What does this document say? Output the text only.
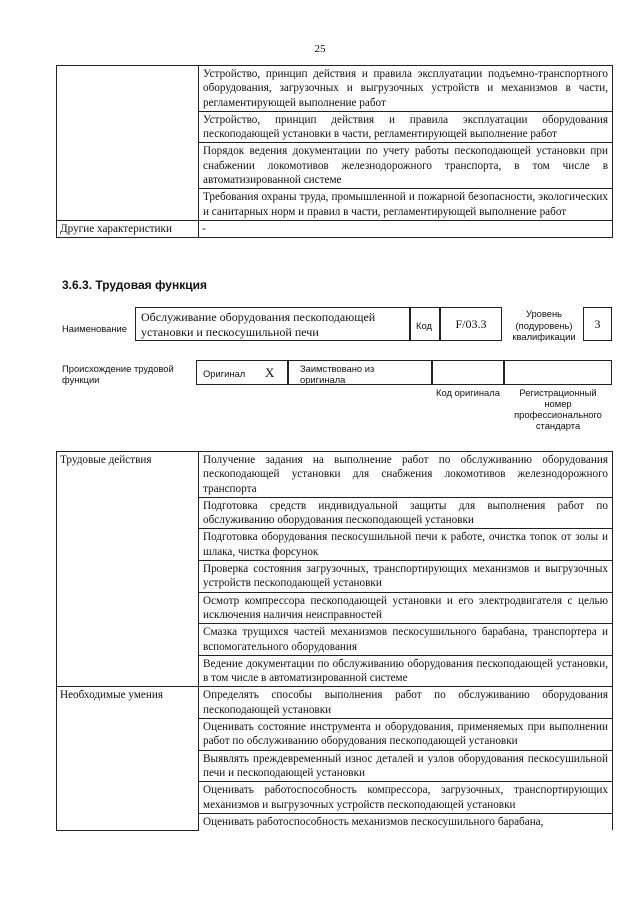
25
	Устройство, принцип действия и правила эксплуатации подъемно-транспортного оборудования, загрузочных и выгрузочных устройств и механизмов в части, регламентирующей выполнение работ
	Устройство, принцип действия и правила эксплуатации оборудования пескоподающей установки в части, регламентирующей выполнение работ
	Порядок ведения документации по учету работы пескоподающей установки при снабжении локомотивов железнодорожного транспорта, в том числе в автоматизированной системе
	Требования охраны труда, промышленной и пожарной безопасности, экологических и санитарных норм и правил в части, регламентирующей выполнение работ
Другие характеристики	-
3.6.3. Трудовая функция
Наименование
Обслуживание оборудования пескоподающей установки и пескосушильной печи	Код	F/03.3
Уровень (подуровень) квалификации
3
Происхождение трудовой функции
Оригинал X	Заимствовано из оригинала
Код оригинала	Регистрационный номер профессионального стандарта
Трудовые действия	Получение задания на выполнение работ по обслуживанию оборудования пескоподающей установки для снабжения локомотивов железнодорожного транспорта
	Подготовка средств индивидуальной защиты для выполнения работ по обслуживанию оборудования пескоподающей установки
	Подготовка оборудования пескосушильной печи к работе, очистка топок от золы и шлака, чистка форсунок
	Проверка состояния загрузочных, транспортирующих механизмов и выгрузочных устройств пескоподающей установки
	Осмотр компрессора пескоподающей установки и его электродвигателя с целью исключения наличия неисправностей
	Смазка трущихся частей механизмов пескосушильного барабана, транспортера и вспомогательного оборудования
	Ведение документации по обслуживанию оборудования пескоподающей установки, в том числе в автоматизированной системе
Необходимые умения	Определять способы выполнения работ по обслуживанию оборудования пескоподающей установки
	Оценивать состояние инструмента и оборудования, применяемых при выполнении работ по обслуживанию оборудования пескоподающей установки
	Выявлять преждевременный износ деталей и узлов оборудования пескосушильной печи и пескоподающей установки
	Оценивать работоспособность компрессора, загрузочных, транспортирующих механизмов и выгрузочных устройств пескоподающей установки
	Оценивать работоспособность механизмов пескосушильного барабана,
